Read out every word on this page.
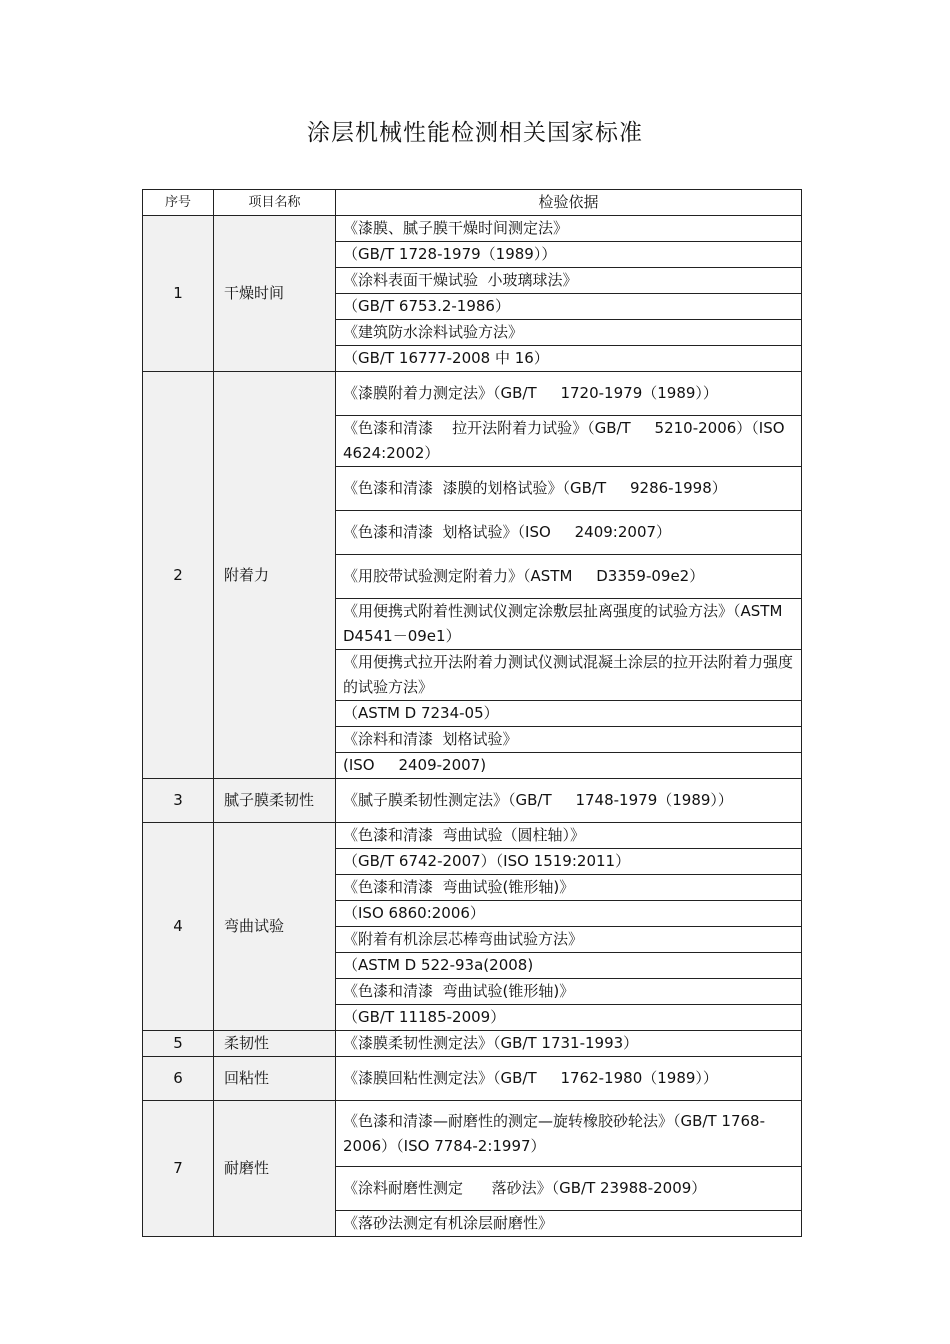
涂层机械性能检测相关国家标准
序号	项目名称	检验依据
1	干燥时间	《漆膜、腻子膜干燥时间测定法》
		（GB/T 1728-1979（1989））
		《涂料表面干燥试验  小玻璃球法》
		（GB/T 6753.2-1986）
		《建筑防水涂料试验方法》
		（GB/T 16777-2008 中 16）
2	附着力	《漆膜附着力测定法》（GB/T     1720-1979（1989））
		《色漆和清漆    拉开法附着力试验》（GB/T     5210-2006）（ISO 4624:2002）
		《色漆和清漆  漆膜的划格试验》（GB/T     9286-1998）
		《色漆和清漆  划格试验》（ISO     2409:2007）
		《用胶带试验测定附着力》（ASTM     D3359-09e2）
		《用便携式附着性测试仪测定涂敷层扯离强度的试验方法》（ASTM D4541－09e1）
		《用便携式拉开法附着力测试仪测试混凝土涂层的拉开法附着力强度的试验方法》
		（ASTM D 7234-05）
		《涂料和清漆  划格试验》
		(ISO     2409-2007)
3	腻子膜柔韧性	《腻子膜柔韧性测定法》（GB/T     1748-1979（1989））
4	弯曲试验	《色漆和清漆  弯曲试验（圆柱轴）》
		（GB/T 6742-2007）（ISO 1519:2011）
		《色漆和清漆  弯曲试验(锥形轴)》
		（ISO 6860:2006）
		《附着有机涂层芯棒弯曲试验方法》
		（ASTM D 522-93a(2008)
		《色漆和清漆  弯曲试验(锥形轴)》
		（GB/T 11185-2009）
5	柔韧性	《漆膜柔韧性测定法》（GB/T 1731-1993）
6	回粘性	《漆膜回粘性测定法》（GB/T     1762-1980（1989））
7	耐磨性	《色漆和清漆—耐磨性的测定—旋转橡胶砂轮法》（GB/T 1768-2006）（ISO 7784-2:1997）
		《涂料耐磨性测定      落砂法》（GB/T 23988-2009）
		《落砂法测定有机涂层耐磨性》
